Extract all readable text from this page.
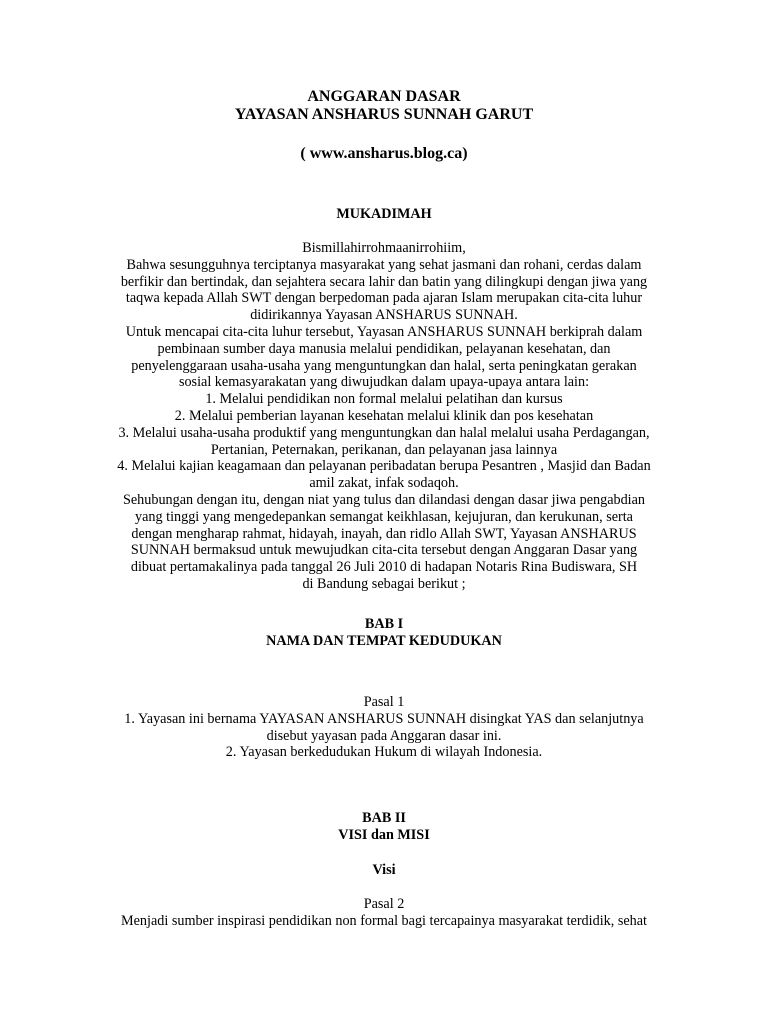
ANGGARAN DASAR
YAYASAN ANSHARUS SUNNAH GARUT
( www.ansharus.blog.ca)
MUKADIMAH
Bismillahirrohmaanirrohiim,
Bahwa sesungguhnya terciptanya masyarakat yang sehat jasmani dan rohani, cerdas dalam
berfikir dan bertindak, dan sejahtera secara lahir dan batin yang dilingkupi dengan jiwa yang
taqwa kepada Allah SWT dengan berpedoman pada ajaran Islam merupakan cita-cita luhur
didirikannya Yayasan ANSHARUS SUNNAH.
Untuk mencapai cita-cita luhur tersebut, Yayasan ANSHARUS SUNNAH berkiprah dalam
pembinaan sumber daya manusia melalui pendidikan, pelayanan kesehatan, dan
penyelenggaraan usaha-usaha yang menguntungkan dan halal, serta peningkatan gerakan
sosial kemasyarakatan yang diwujudkan dalam upaya-upaya antara lain:
1. Melalui pendidikan non formal melalui pelatihan dan kursus
2. Melalui pemberian layanan kesehatan melalui klinik dan pos kesehatan
3. Melalui usaha-usaha produktif yang menguntungkan dan halal melalui usaha Perdagangan,
Pertanian, Peternakan, perikanan, dan pelayanan jasa lainnya
4. Melalui kajian keagamaan dan pelayanan peribadatan berupa Pesantren , Masjid dan Badan
amil zakat, infak sodaqoh.
Sehubungan dengan itu, dengan niat yang tulus dan dilandasi dengan dasar jiwa pengabdian
yang tinggi yang mengedepankan semangat keikhlasan, kejujuran, dan kerukunan, serta
dengan mengharap rahmat, hidayah, inayah, dan ridlo Allah SWT, Yayasan ANSHARUS
SUNNAH bermaksud untuk mewujudkan cita-cita tersebut dengan Anggaran Dasar yang
dibuat pertamakalinya pada tanggal 26 Juli 2010 di hadapan Notaris Rina Budiswara, SH
di Bandung sebagai berikut ;
BAB I
NAMA DAN TEMPAT KEDUDUKAN
Pasal 1
1. Yayasan ini bernama YAYASAN ANSHARUS SUNNAH disingkat YAS dan selanjutnya
disebut yayasan pada Anggaran dasar ini.
2. Yayasan berkedudukan Hukum di wilayah Indonesia.
BAB II
VISI dan MISI
Visi
Pasal 2
Menjadi sumber inspirasi pendidikan non formal bagi tercapainya masyarakat terdidik, sehat
